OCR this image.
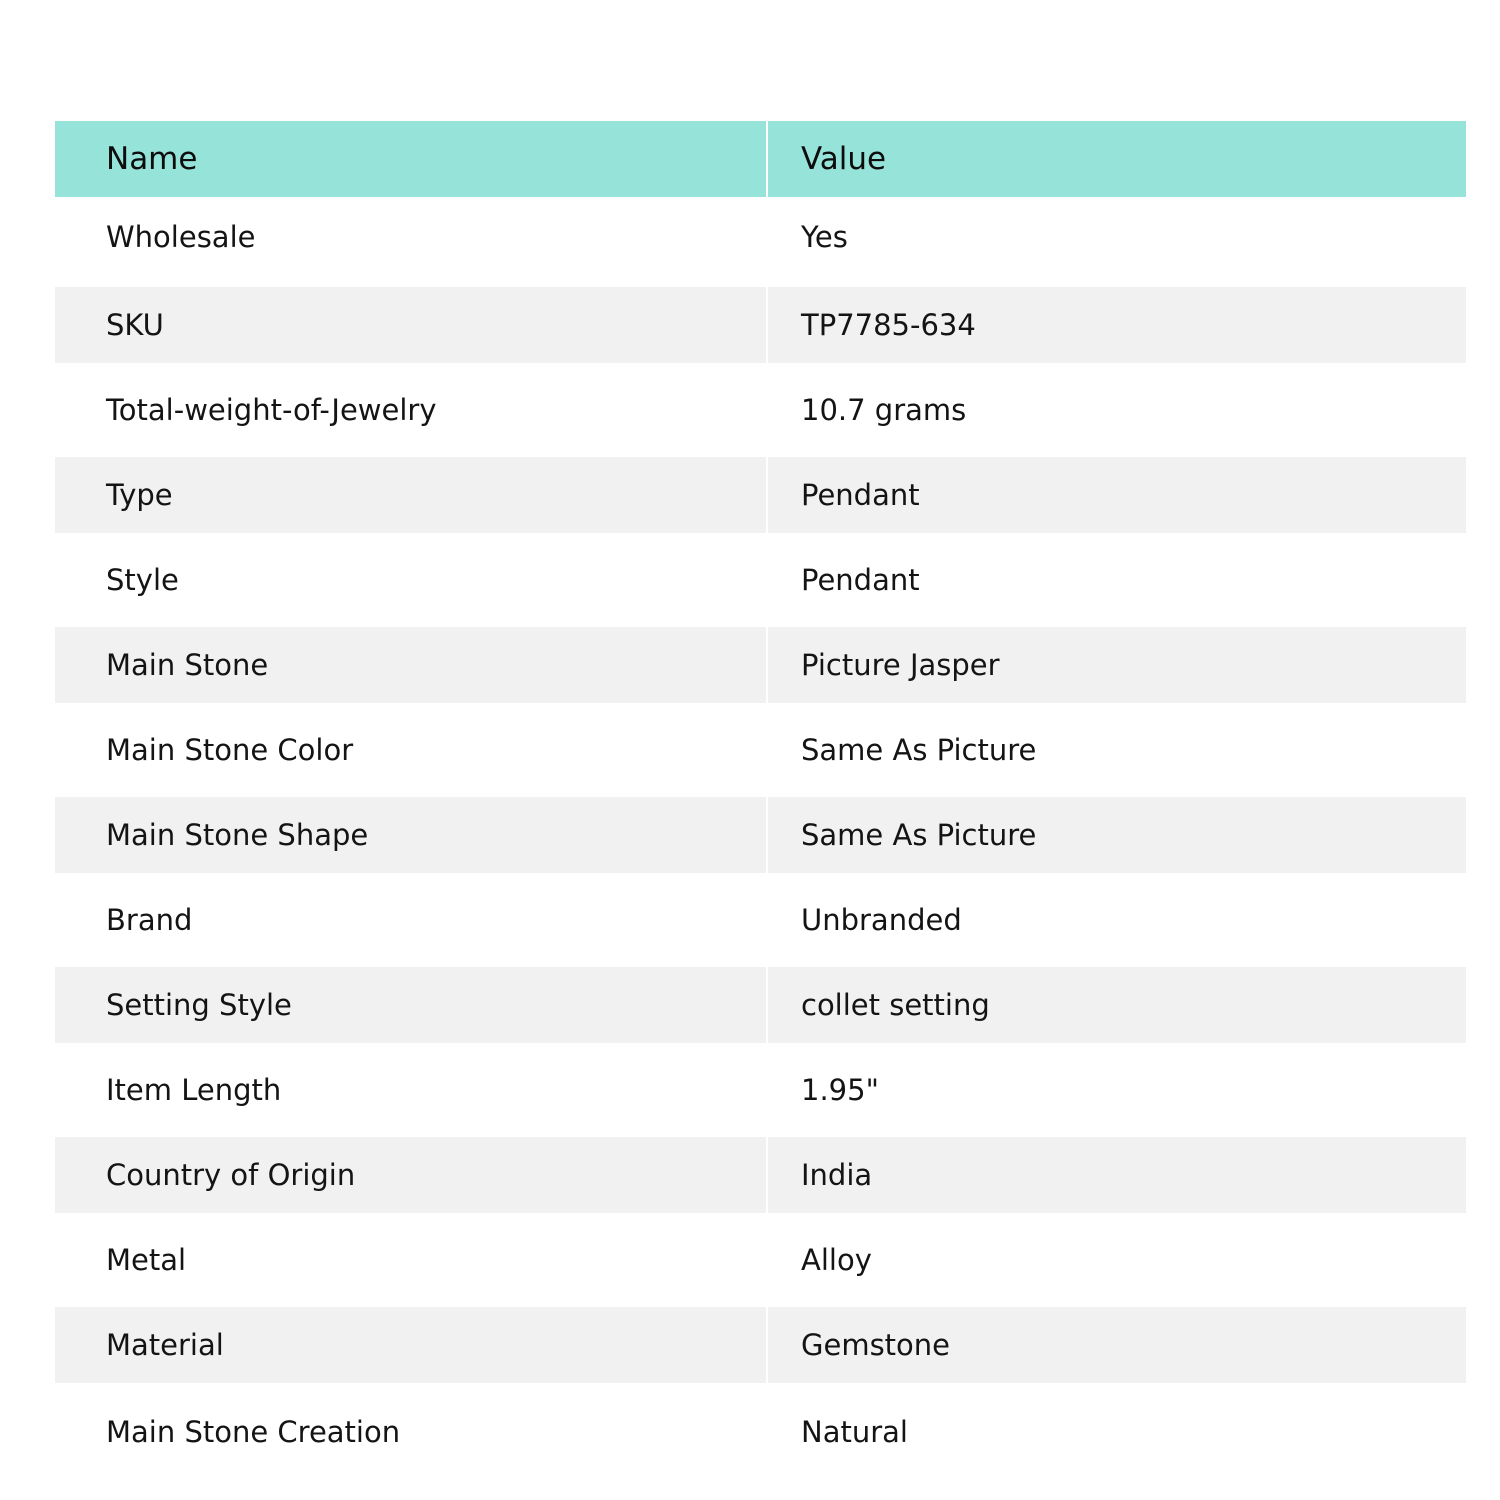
Name	Value
Wholesale	Yes
SKU	TP7785-634
Total-weight-of-Jewelry	10.7 grams
Type	Pendant
Style	Pendant
Main Stone	Picture Jasper
Main Stone Color	Same As Picture
Main Stone Shape	Same As Picture
Brand	Unbranded
Setting Style	collet setting
Item Length	1.95"
Country of Origin	India
Metal	Alloy
Material	Gemstone
Main Stone Creation	Natural
